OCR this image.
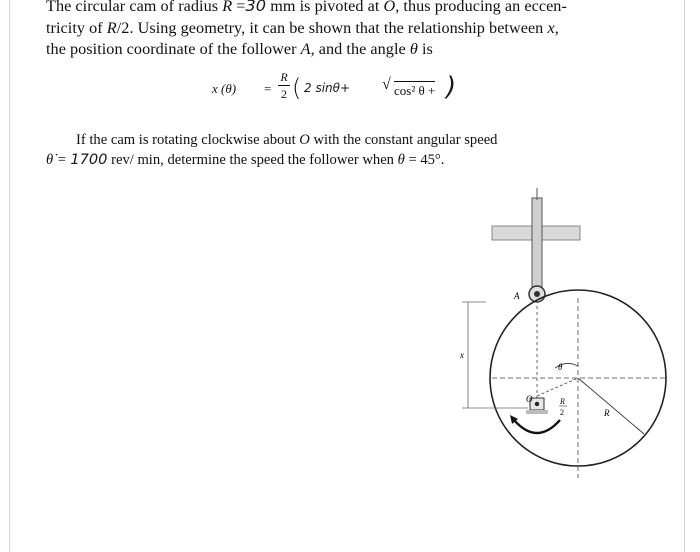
The circular cam of radius R =30 mm is pivoted at O, thus producing an eccen-
tricity of R/2. Using geometry, it can be shown that the relationship between x,
the position coordinate of the follower A, and the angle θ is
x (θ) =
R
2 ( 2 sinθ+ √ cos² θ + )
If the cam is rotating clockwise about O with the constant angular speed
θ̇ = 1700 rev/ min, determine the speed the follower when θ = 45°.
A
x
θ
O	R
2	R
